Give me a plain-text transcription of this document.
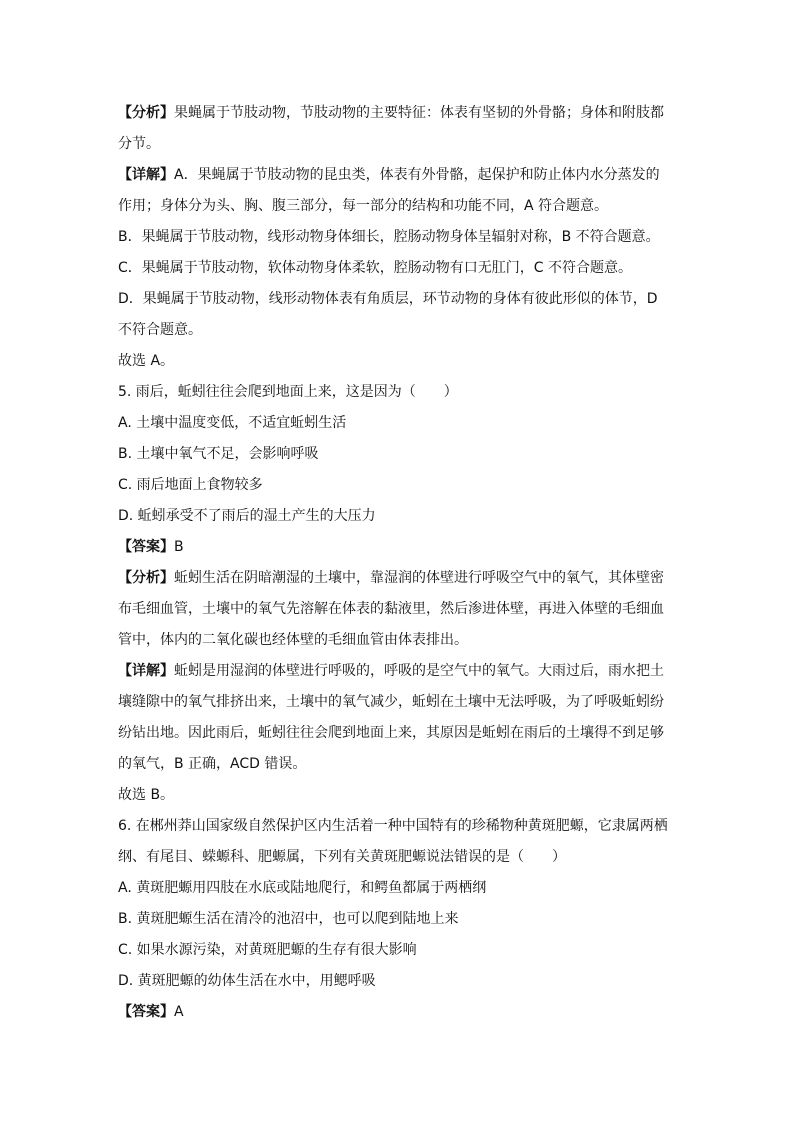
【分析】果蝇属于节肢动物，节肢动物的主要特征：体表有坚韧的外骨骼；身体和附肢都
分节。
【详解】A．果蝇属于节肢动物的昆虫类，体表有外骨骼，起保护和防止体内水分蒸发的
作用；身体分为头、胸、腹三部分，每一部分的结构和功能不同，A 符合题意。
B．果蝇属于节肢动物，线形动物身体细长，腔肠动物身体呈辐射对称，B 不符合题意。
C．果蝇属于节肢动物，软体动物身体柔软，腔肠动物有口无肛门，C 不符合题意。
D．果蝇属于节肢动物，线形动物体表有角质层，环节动物的身体有彼此形似的体节，D
不符合题意。
故选 A。
5. 雨后，蚯蚓往往会爬到地面上来，这是因为（　　）
A. 土壤中温度变低，不适宜蚯蚓生活
B. 土壤中氧气不足，会影响呼吸
C. 雨后地面上食物较多
D. 蚯蚓承受不了雨后的湿土产生的大压力
【答案】B
【分析】蚯蚓生活在阴暗潮湿的土壤中，靠湿润的体壁进行呼吸空气中的氧气，其体壁密
布毛细血管，土壤中的氧气先溶解在体表的黏液里，然后渗进体壁，再进入体壁的毛细血
管中，体内的二氧化碳也经体壁的毛细血管由体表排出。
【详解】蚯蚓是用湿润的体壁进行呼吸的，呼吸的是空气中的氧气。大雨过后，雨水把土
壤缝隙中的氧气排挤出来，土壤中的氧气减少，蚯蚓在土壤中无法呼吸，为了呼吸蚯蚓纷
纷钻出地。因此雨后，蚯蚓往往会爬到地面上来，其原因是蚯蚓在雨后的土壤得不到足够
的氧气，B 正确，ACD 错误。
故选 B。
6. 在郴州莽山国家级自然保护区内生活着一种中国特有的珍稀物种黄斑肥螈，它隶属两栖
纲、有尾目、蝾螈科、肥螈属，下列有关黄斑肥螈说法错误的是（　　）
A. 黄斑肥螈用四肢在水底或陆地爬行，和鳄鱼都属于两栖纲
B. 黄斑肥螈生活在清冷的池沼中，也可以爬到陆地上来
C. 如果水源污染，对黄斑肥螈的生存有很大影响
D. 黄斑肥螈的幼体生活在水中，用鳃呼吸
【答案】A
